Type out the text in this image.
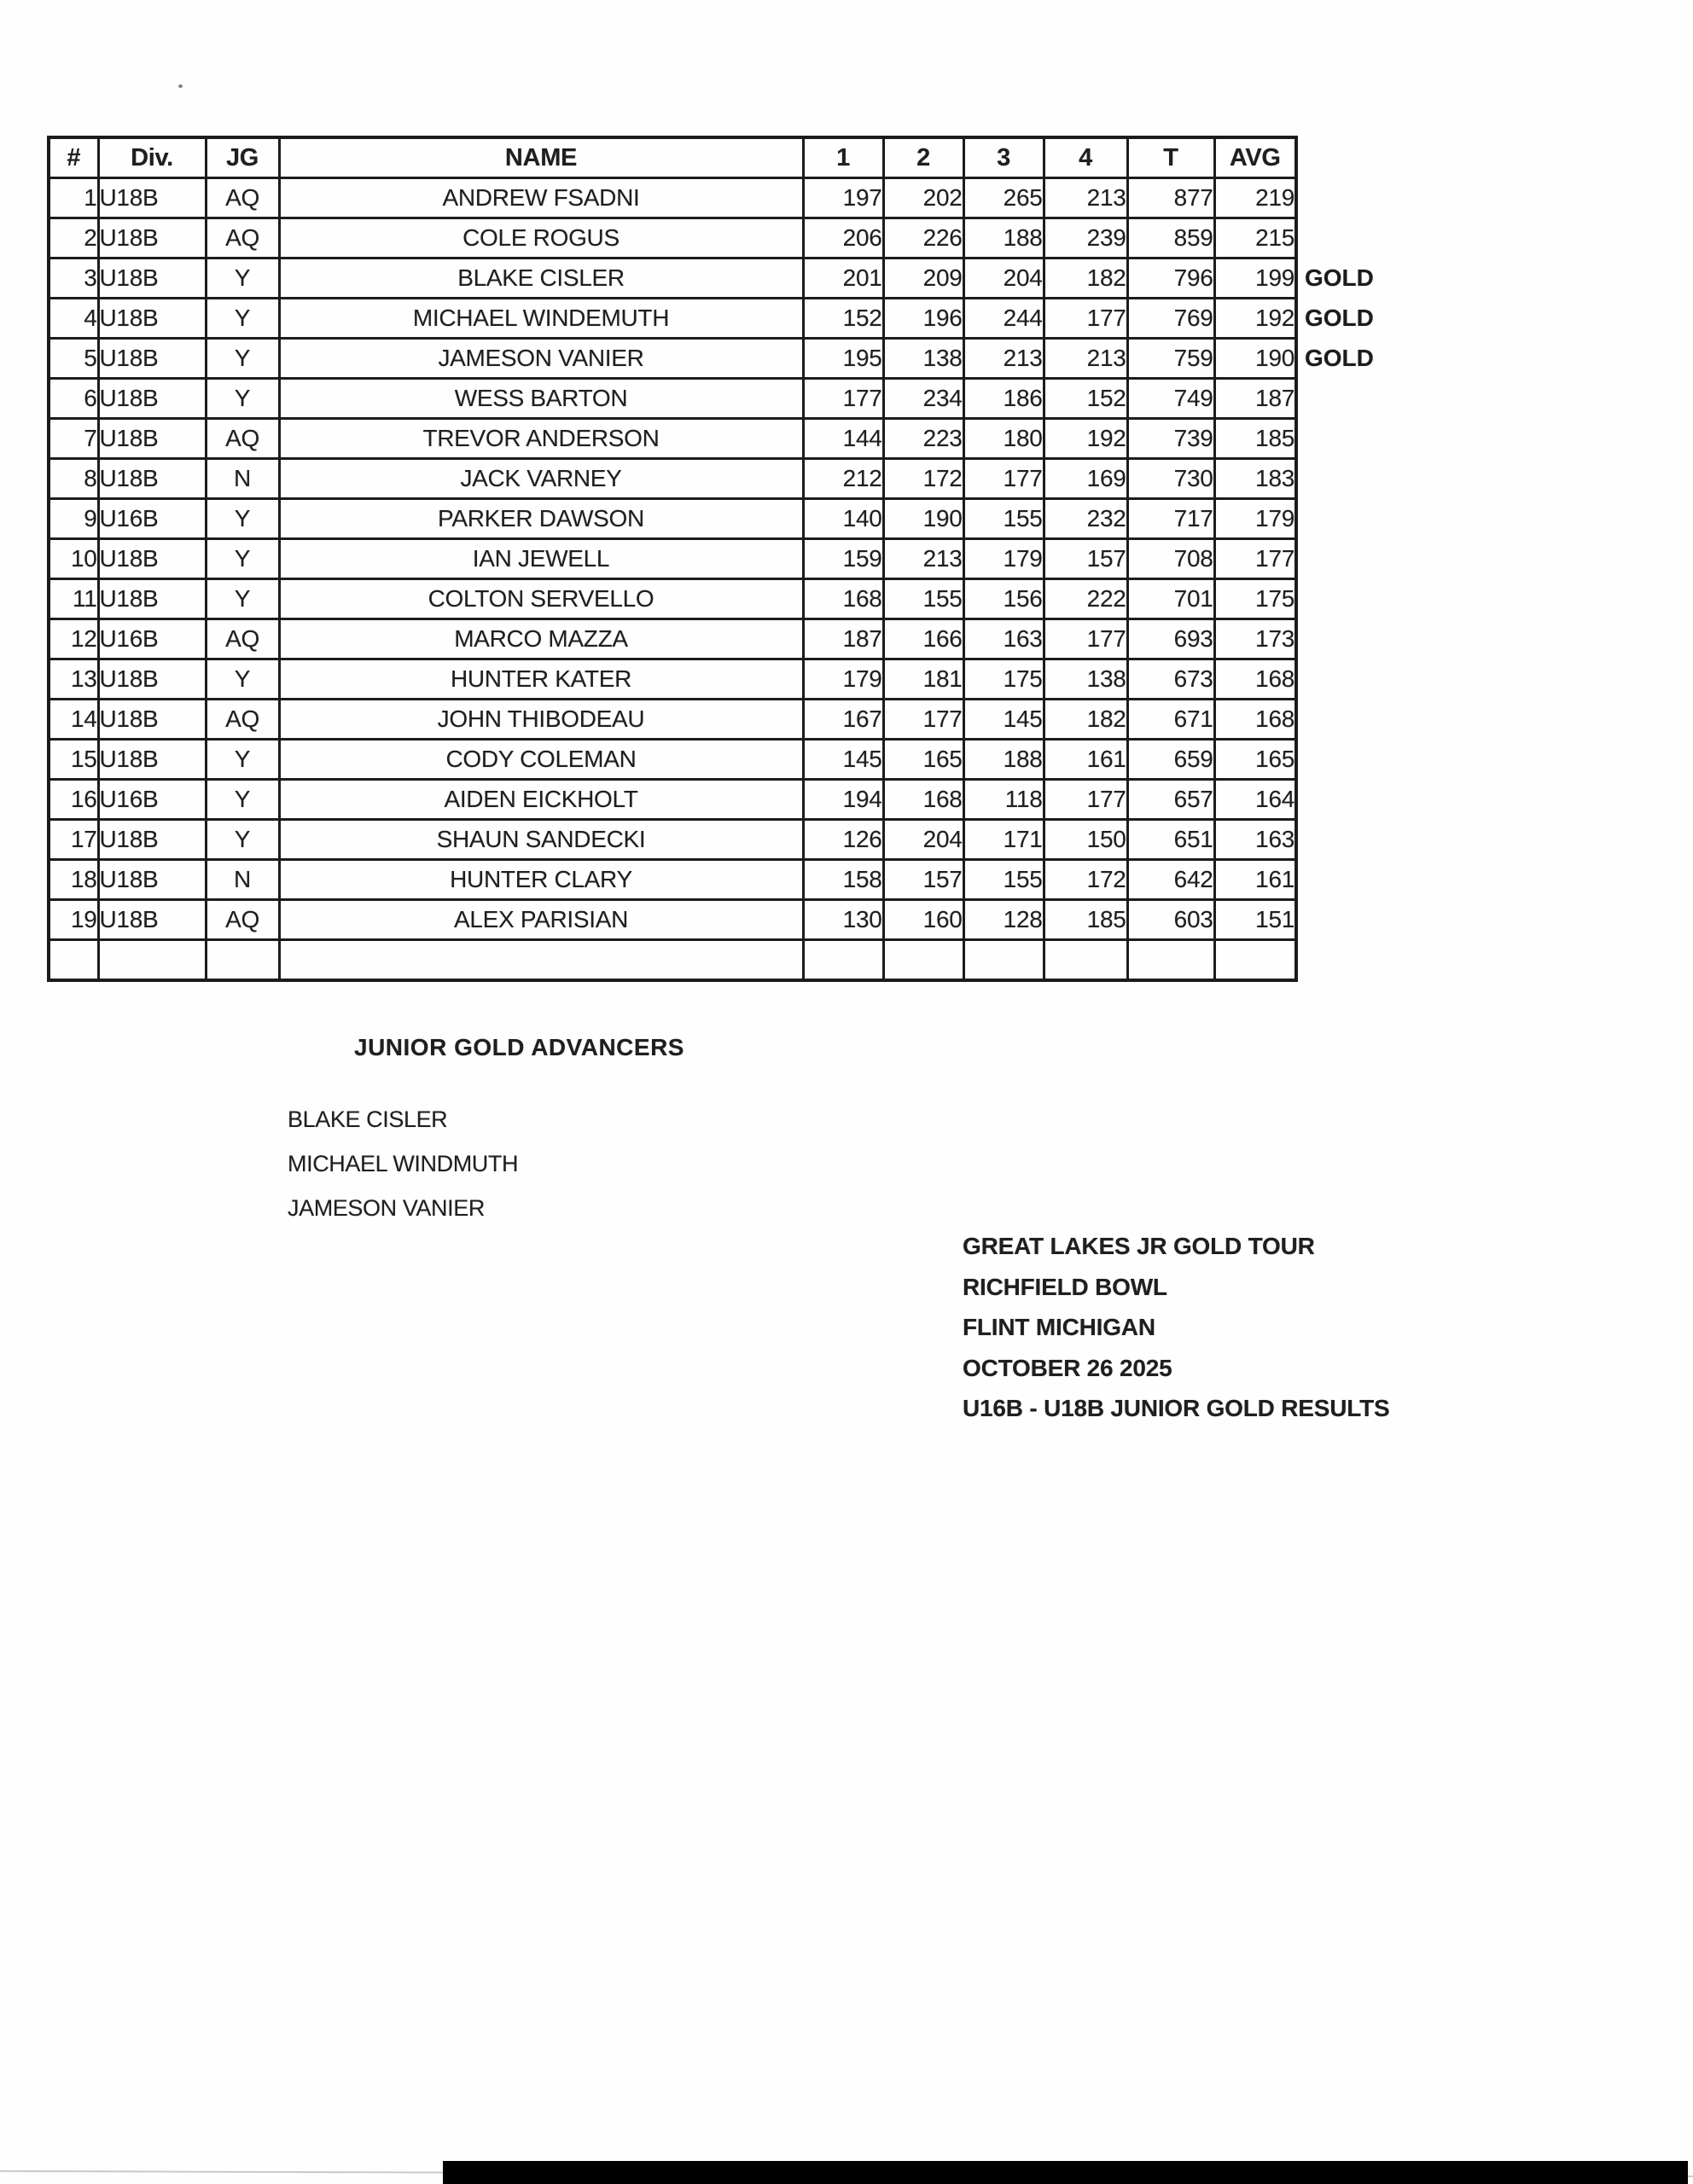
#	Div.	JG	NAME	1	2	3	4	T	AVG
1	U18B	AQ	ANDREW FSADNI	197	202	265	213	877	219
2	U18B	AQ	COLE ROGUS	206	226	188	239	859	215
3	U18B	Y	BLAKE CISLER	201	209	204	182	796	199 GOLD

4	U18B	Y	MICHAEL WINDEMUTH	152	196	244	177	769	192 GOLD

5	U18B	Y	JAMESON VANIER	195	138	213	213	759	190 GOLD

6	U18B	Y	WESS BARTON	177	234	186	152	749	187
7	U18B	AQ	TREVOR ANDERSON	144	223	180	192	739	185
8	U18B	N	JACK VARNEY	212	172	177	169	730	183
9	U16B	Y	PARKER DAWSON	140	190	155	232	717	179
10	U18B	Y	IAN JEWELL	159	213	179	157	708	177
11	U18B	Y	COLTON SERVELLO	168	155	156	222	701	175
12	U16B	AQ	MARCO MAZZA	187	166	163	177	693	173
13	U18B	Y	HUNTER KATER	179	181	175	138	673	168
14	U18B	AQ	JOHN THIBODEAU	167	177	145	182	671	168
15	U18B	Y	CODY COLEMAN	145	165	188	161	659	165
16	U16B	Y	AIDEN EICKHOLT	194	168	118	177	657	164
17	U18B	Y	SHAUN SANDECKI	126	204	171	150	651	163
18	U18B	N	HUNTER CLARY	158	157	155	172	642	161
19	U18B	AQ	ALEX PARISIAN	130	160	128	185	603	151

JUNIOR GOLD ADVANCERS
BLAKE CISLER
MICHAEL WINDMUTH
JAMESON VANIER
GREAT LAKES JR GOLD TOUR
RICHFIELD BOWL
FLINT MICHIGAN
OCTOBER 26 2025
U16B - U18B JUNIOR GOLD RESULTS
